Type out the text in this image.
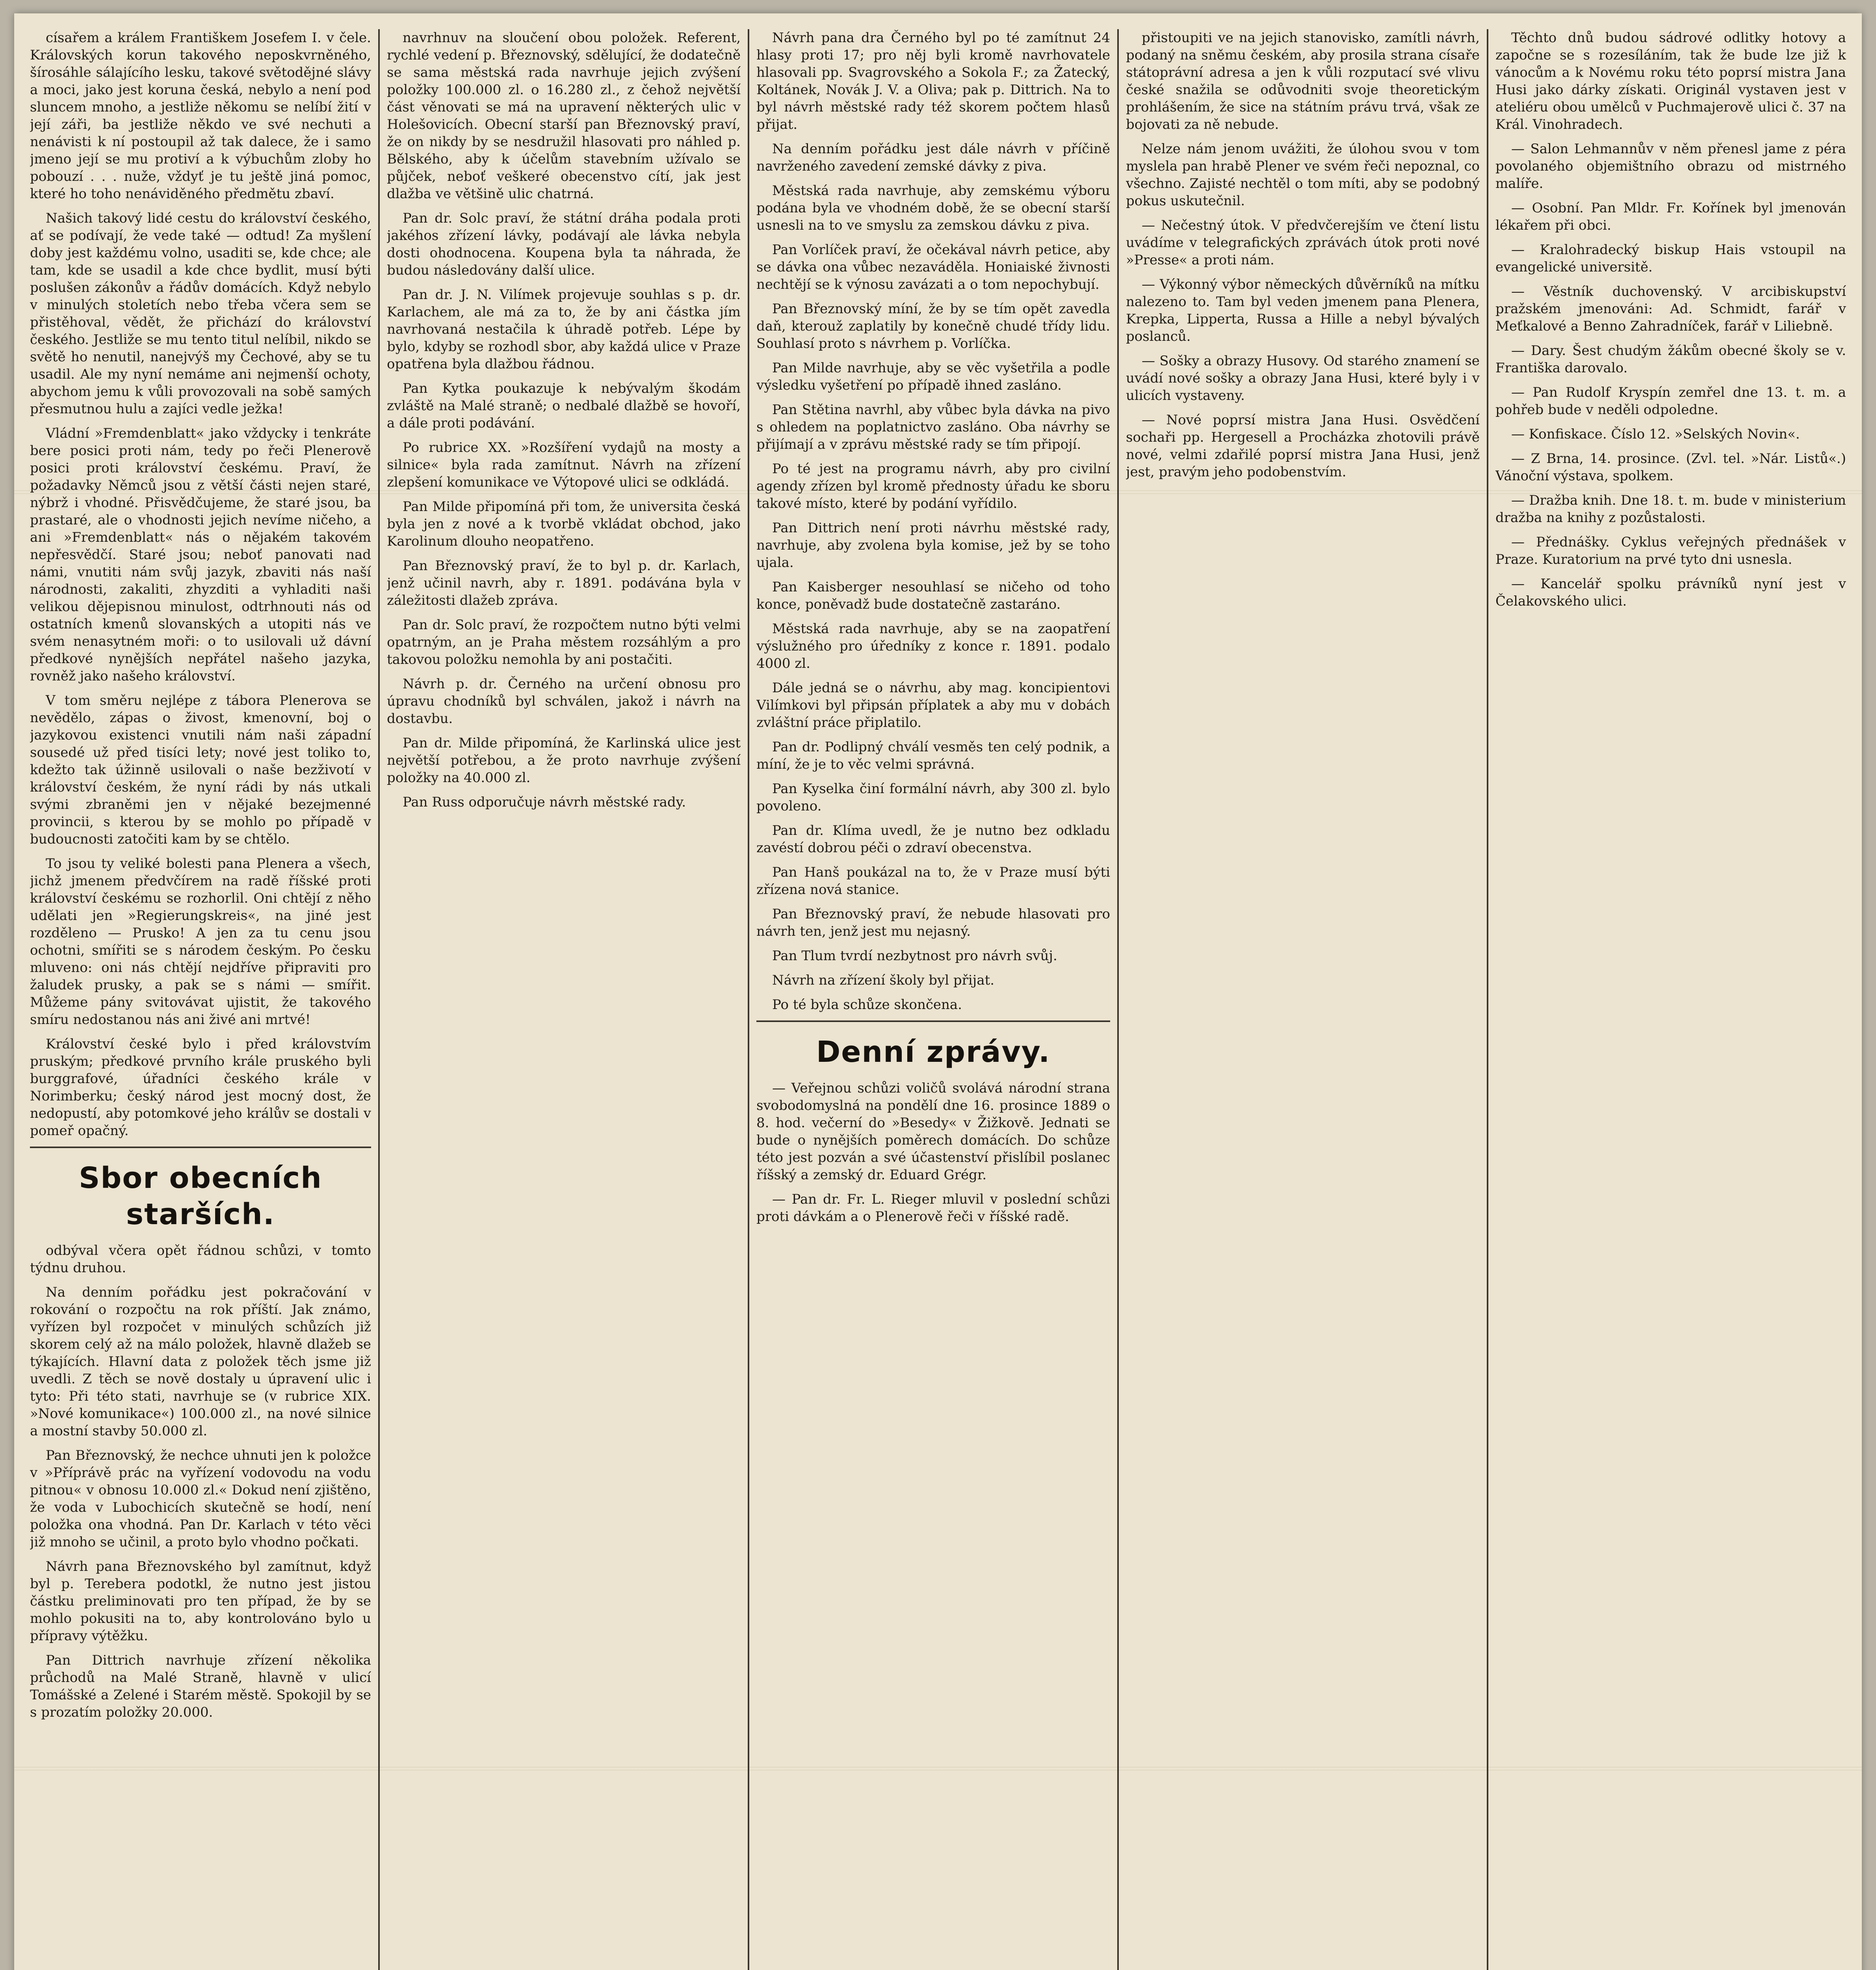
císařem a králem Františkem Josefem I. v čele. Královských korun takového neposkvrněného, šírosáhle sálajícího lesku, takové světodějné slávy a moci, jako jest koruna česká, nebylo a není pod sluncem mnoho, a jestliže někomu se nelíbí žití v její záři, ba jestliže někdo ve své nechuti a nenávisti k ní postoupil až tak dalece, že i samo jmeno její se mu protiví a k výbuchům zloby ho pobouzí . . . nuže, vždyť je tu ještě jiná pomoc, které ho toho nenáviděného předmětu zbaví.

Našich takový lidé cestu do království českého, ať se podívají, že vede také — odtud! Za myšlení doby jest každému volno, usaditi se, kde chce; ale tam, kde se usadil a kde chce bydlit, musí býti poslušen zákonův a řádův domácích. Když nebylo v minulých stoletích nebo třeba včera sem se přistěhoval, vědět, že přichází do království českého. Jestliže se mu tento titul nelíbil, nikdo se světě ho nenutil, nanejvýš my Čechové, aby se tu usadil. Ale my nyní nemáme ani nejmenší ochoty, abychom jemu k vůli provozovali na sobě samých přesmutnou hulu a zajíci vedle ježka!

Vládní »Fremdenblatt« jako vždycky i tenkráte bere posici proti nám, tedy po řeči Plenerově posici proti království českému. Praví, že požadavky Němců jsou z větší části nejen staré, nýbrž i vhodné. Přisvědčujeme, že staré jsou, ba prastaré, ale o vhodnosti jejich nevíme ničeho, a ani »Fremdenblatt« nás o nějakém takovém nepřesvědčí. Staré jsou; neboť panovati nad námi, vnutiti nám svůj jazyk, zbaviti nás naší národnosti, zakaliti, zhyzditi a vyhladiti naši velikou dějepisnou minulost, odtrhnouti nás od ostatních kmenů slovanských a utopiti nás ve svém nenasytném moři: o to usilovali už dávní předkové nynějších nepřátel našeho jazyka, rovněž jako našeho království.

V tom směru nejlépe z tábora Plenerova se nevědělo, zápas o živost, kmenovní, boj o jazykovou existenci vnutili nám naši západní sousedé už před tisíci lety; nové jest toliko to, kdežto tak úžinně usilovali o naše bezživotí v království českém, že nyní rádi by nás utkali svými zbraněmi jen v nějaké bezejmenné provincii, s kterou by se mohlo po případě v budoucnosti zatočiti kam by se chtělo.

To jsou ty veliké bolesti pana Plenera a všech, jichž jmenem předvčírem na radě říšské proti království českému se rozhorlil. Oni chtějí z něho udělati jen »Regierungskreis«, na jiné jest rozděleno — Prusko! A jen za tu cenu jsou ochotni, smířiti se s národem českým. Po česku mluveno: oni nás chtějí nejdříve připraviti pro žaludek prusky, a pak se s námi — smířit. Můžeme pány svitovávat ujistit, že takového smíru nedostanou nás ani živé ani mrtvé!

Království české bylo i před královstvím pruským; předkové prvního krále pruského byli burggrafové, úřadníci českého krále v Norimberku; český národ jest mocný dost, že nedopustí, aby potomkové jeho králův se dostali v pomeř opačný.

Sbor obecních starších.

odbýval včera opět řádnou schůzi, v tomto týdnu druhou.

Na denním pořádku jest pokračování v rokování o rozpočtu na rok příští. Jak známo, vyřízen byl rozpočet v minulých schůzích již skorem celý až na málo položek, hlavně dlažeb se týkajících. Hlavní data z položek těch jsme již uvedli. Z těch se nově dostaly u úpravení ulic i tyto: Při této stati, navrhuje se (v rubrice XIX. »Nové komunikace«) 100.000 zl., na nové silnice a mostní stavby 50.000 zl.

Pan Březnovský, že nechce uhnuti jen k položce v »Příprávě prác na vyřízení vodovodu na vodu pitnou« v obnosu 10.000 zl.« Dokud není zjištěno, že voda v Lubochicích skutečně se hodí, není položka ona vhodná. Pan Dr. Karlach v této věci již mnoho se učinil, a proto bylo vhodno počkati.

Návrh pana Březnovského byl zamítnut, když byl p. Terebera podotkl, že nutno jest jistou částku preliminovati pro ten případ, že by se mohlo pokusiti na to, aby kontrolováno bylo u přípravy výtěžku.

Pan Dittrich navrhuje zřízení několika průchodů na Malé Straně, hlavně v ulicí Tomášské a Zelené i Starém městě. Spokojil by se s prozatím položky 20.000.

navrhnuv na sloučení obou položek. Referent, rychlé vedení p. Březnovský, sdělující, že dodatečně se sama městská rada navrhuje jejich zvýšení položky 100.000 zl. o 16.280 zl., z čehož největší část věnovati se má na upravení některých ulic v Holešovicích. Obecní starší pan Březnovský praví, že on nikdy by se nesdružil hlasovati pro náhled p. Bělského, aby k účelům stavebním užívalo se půjček, neboť veškeré obecenstvo cítí, jak jest dlažba ve většině ulic chatrná.

Pan dr. Solc praví, že státní dráha podala proti jakéhos zřízení lávky, podávají ale lávka nebyla dosti ohodnocena. Koupena byla ta náhrada, že budou následovány další ulice.

Pan dr. J. N. Vilímek projevuje souhlas s p. dr. Karlachem, ale má za to, že by ani částka jím navrhovaná nestačila k úhradě potřeb. Lépe by bylo, kdyby se rozhodl sbor, aby každá ulice v Praze opatřena byla dlažbou řádnou.

Pan Kytka poukazuje k nebývalým škodám zvláště na Malé straně; o nedbalé dlažbě se hovoří, a dále proti podávání.

Po rubrice XX. »Rozšíření vydajů na mosty a silnice« byla rada zamítnut. Návrh na zřízení zlepšení komunikace ve Výtopové ulici se odkládá.

Pan Milde připomíná při tom, že universita česká byla jen z nové a k tvorbě vkládat obchod, jako Karolinum dlouho neopatřeno.

Pan Březnovský praví, že to byl p. dr. Karlach, jenž učinil navrh, aby r. 1891. podávána byla v záležitosti dlažeb zpráva.

Pan dr. Solc praví, že rozpočtem nutno býti velmi opatrným, an je Praha městem rozsáhlým a pro takovou položku nemohla by ani postačiti.

Návrh p. dr. Černého na určení obnosu pro úpravu chodníků byl schválen, jakož i návrh na dostavbu.

Pan dr. Milde připomíná, že Karlinská ulice jest největší potřebou, a že proto navrhuje zvýšení položky na 40.000 zl.

Pan Russ odporučuje návrh městské rady.

Návrh pana dra Černého byl po té zamítnut 24 hlasy proti 17; pro něj byli kromě navrhovatele hlasovali pp. Svagrovského a Sokola F.; za Žatecký, Koltánek, Novák J. V. a Oliva; pak p. Dittrich. Na to byl návrh městské rady též skorem počtem hlasů přijat.

Na denním pořádku jest dále návrh v příčině navrženého zavedení zemské dávky z piva.

Městská rada navrhuje, aby zemskému výboru podána byla ve vhodném době, že se obecní starší usnesli na to ve smyslu za zemskou dávku z piva.

Pan Vorlíček praví, že očekával návrh petice, aby se dávka ona vůbec nezaváděla. Honiaiské živnosti nechtějí se k výnosu zavázati a o tom nepochybují.

Pan Březnovský míní, že by se tím opět zavedla daň, kterouž zaplatily by konečně chudé třídy lidu. Souhlasí proto s návrhem p. Vorlíčka.

Pan Milde navrhuje, aby se věc vyšetřila a podle výsledku vyšetření po případě ihned zasláno.

Pan Stětina navrhl, aby vůbec byla dávka na pivo s ohledem na poplatnictvo zasláno. Oba návrhy se přijímají a v zprávu městské rady se tím připojí.

Po té jest na programu návrh, aby pro civilní agendy zřízen byl kromě přednosty úřadu ke sboru takové místo, které by podání vyřídilo.

Pan Dittrich není proti návrhu městské rady, navrhuje, aby zvolena byla komise, jež by se toho ujala.

Pan Kaisberger nesouhlasí se ničeho od toho konce, poněvadž bude dostatečně zastaráno.

Městská rada navrhuje, aby se na zaopatření výslužného pro úředníky z konce r. 1891. podalo 4000 zl.

Dále jedná se o návrhu, aby mag. koncipientovi Vilímkovi byl připsán příplatek a aby mu v dobách zvláštní práce připlatilo.

Pan dr. Podlipný chválí vesměs ten celý podnik, a míní, že je to věc velmi správná.

Pan Kyselka činí formální návrh, aby 300 zl. bylo povoleno.

Pan dr. Klíma uvedl, že je nutno bez odkladu zavéstí dobrou péči o zdraví obecenstva.

Pan Hanš poukázal na to, že v Praze musí býti zřízena nová stanice.

Pan Březnovský praví, že nebude hlasovati pro návrh ten, jenž jest mu nejasný.

Pan Tlum tvrdí nezbytnost pro návrh svůj.

Návrh na zřízení školy byl přijat.

Po té byla schůze skončena.

Denní zprávy.

— Veřejnou schůzi voličů svolává národní strana svobodomyslná na pondělí dne 16. prosince 1889 o 8. hod. večerní do »Besedy« v Žižkově. Jednati se bude o nynějších poměrech domácích. Do schůze této jest pozván a své účastenství přislíbil poslanec říšský a zemský dr. Eduard Grégr.

— Pan dr. Fr. L. Rieger mluvil v poslední schůzi proti dávkám a o Plenerově řeči v říšské radě.

přistoupiti ve na jejich stanovisko, zamítli návrh, podaný na sněmu českém, aby prosila strana císaře státoprávní adresa a jen k vůli rozputací své vlivu české snažila se odůvodniti svoje theoretickým prohlášením, že sice na státním právu trvá, však ze bojovati za ně nebude.

Nelze nám jenom uvážiti, že úlohou svou v tom myslela pan hrabě Plener ve svém řeči nepoznal, co všechno. Zajisté nechtěl o tom míti, aby se podobný pokus uskutečnil.

— Nečestný útok. V předvčerejším ve čtení listu uvádíme v telegrafických zprávách útok proti nové »Presse« a proti nám.

— Výkonný výbor německých důvěrníků na mítku nalezeno to. Tam byl veden jmenem pana Plenera, Krepka, Lipperta, Russa a Hille a nebyl bývalých poslanců.

— Sošky a obrazy Husovy. Od starého znamení se uvádí nové sošky a obrazy Jana Husi, které byly i v ulicích vystaveny.

— Nové poprsí mistra Jana Husi. Osvědčení sochaři pp. Hergesell a Procházka zhotovili právě nové, velmi zdařilé poprsí mistra Jana Husi, jenž jest, pravým jeho podobenstvím.

Těchto dnů budou sádrové odlitky hotovy a započne se s rozesíláním, tak že bude lze již k vánocům a k Novému roku této poprsí mistra Jana Husi jako dárky získati. Originál vystaven jest v ateliéru obou umělců v Puchmajerově ulici č. 37 na Král. Vinohradech.

— Salon Lehmannův v něm přenesl jame z péra povolaného objemištního obrazu od mistrného malíře.

— Osobní. Pan Mldr. Fr. Kořínek byl jmenován lékařem při obci.

— Kralohradecký biskup Hais vstoupil na evangelické universitě.

— Věstník duchovenský. V arcibiskupství pražském jmenováni: Ad. Schmidt, farář v Meťkalové a Benno Zahradníček, farář v Liliebně.

— Dary. Šest chudým žákům obecné školy se v. Františka darovalo.

— Pan Rudolf Kryspín zemřel dne 13. t. m. a pohřeb bude v neděli odpoledne.

— Konfiskace. Číslo 12. »Selských Novin«.

— Z Brna, 14. prosince. (Zvl. tel. »Nár. Listů«.) Vánoční výstava, spolkem.

— Dražba knih. Dne 18. t. m. bude v ministerium dražba na knihy z pozůstalosti.

— Přednášky. Cyklus veřejných přednášek v Praze. Kuratorium na prvé tyto dni usnesla.

— Kancelář spolku právníků nyní jest v Čelakovského ulici.
